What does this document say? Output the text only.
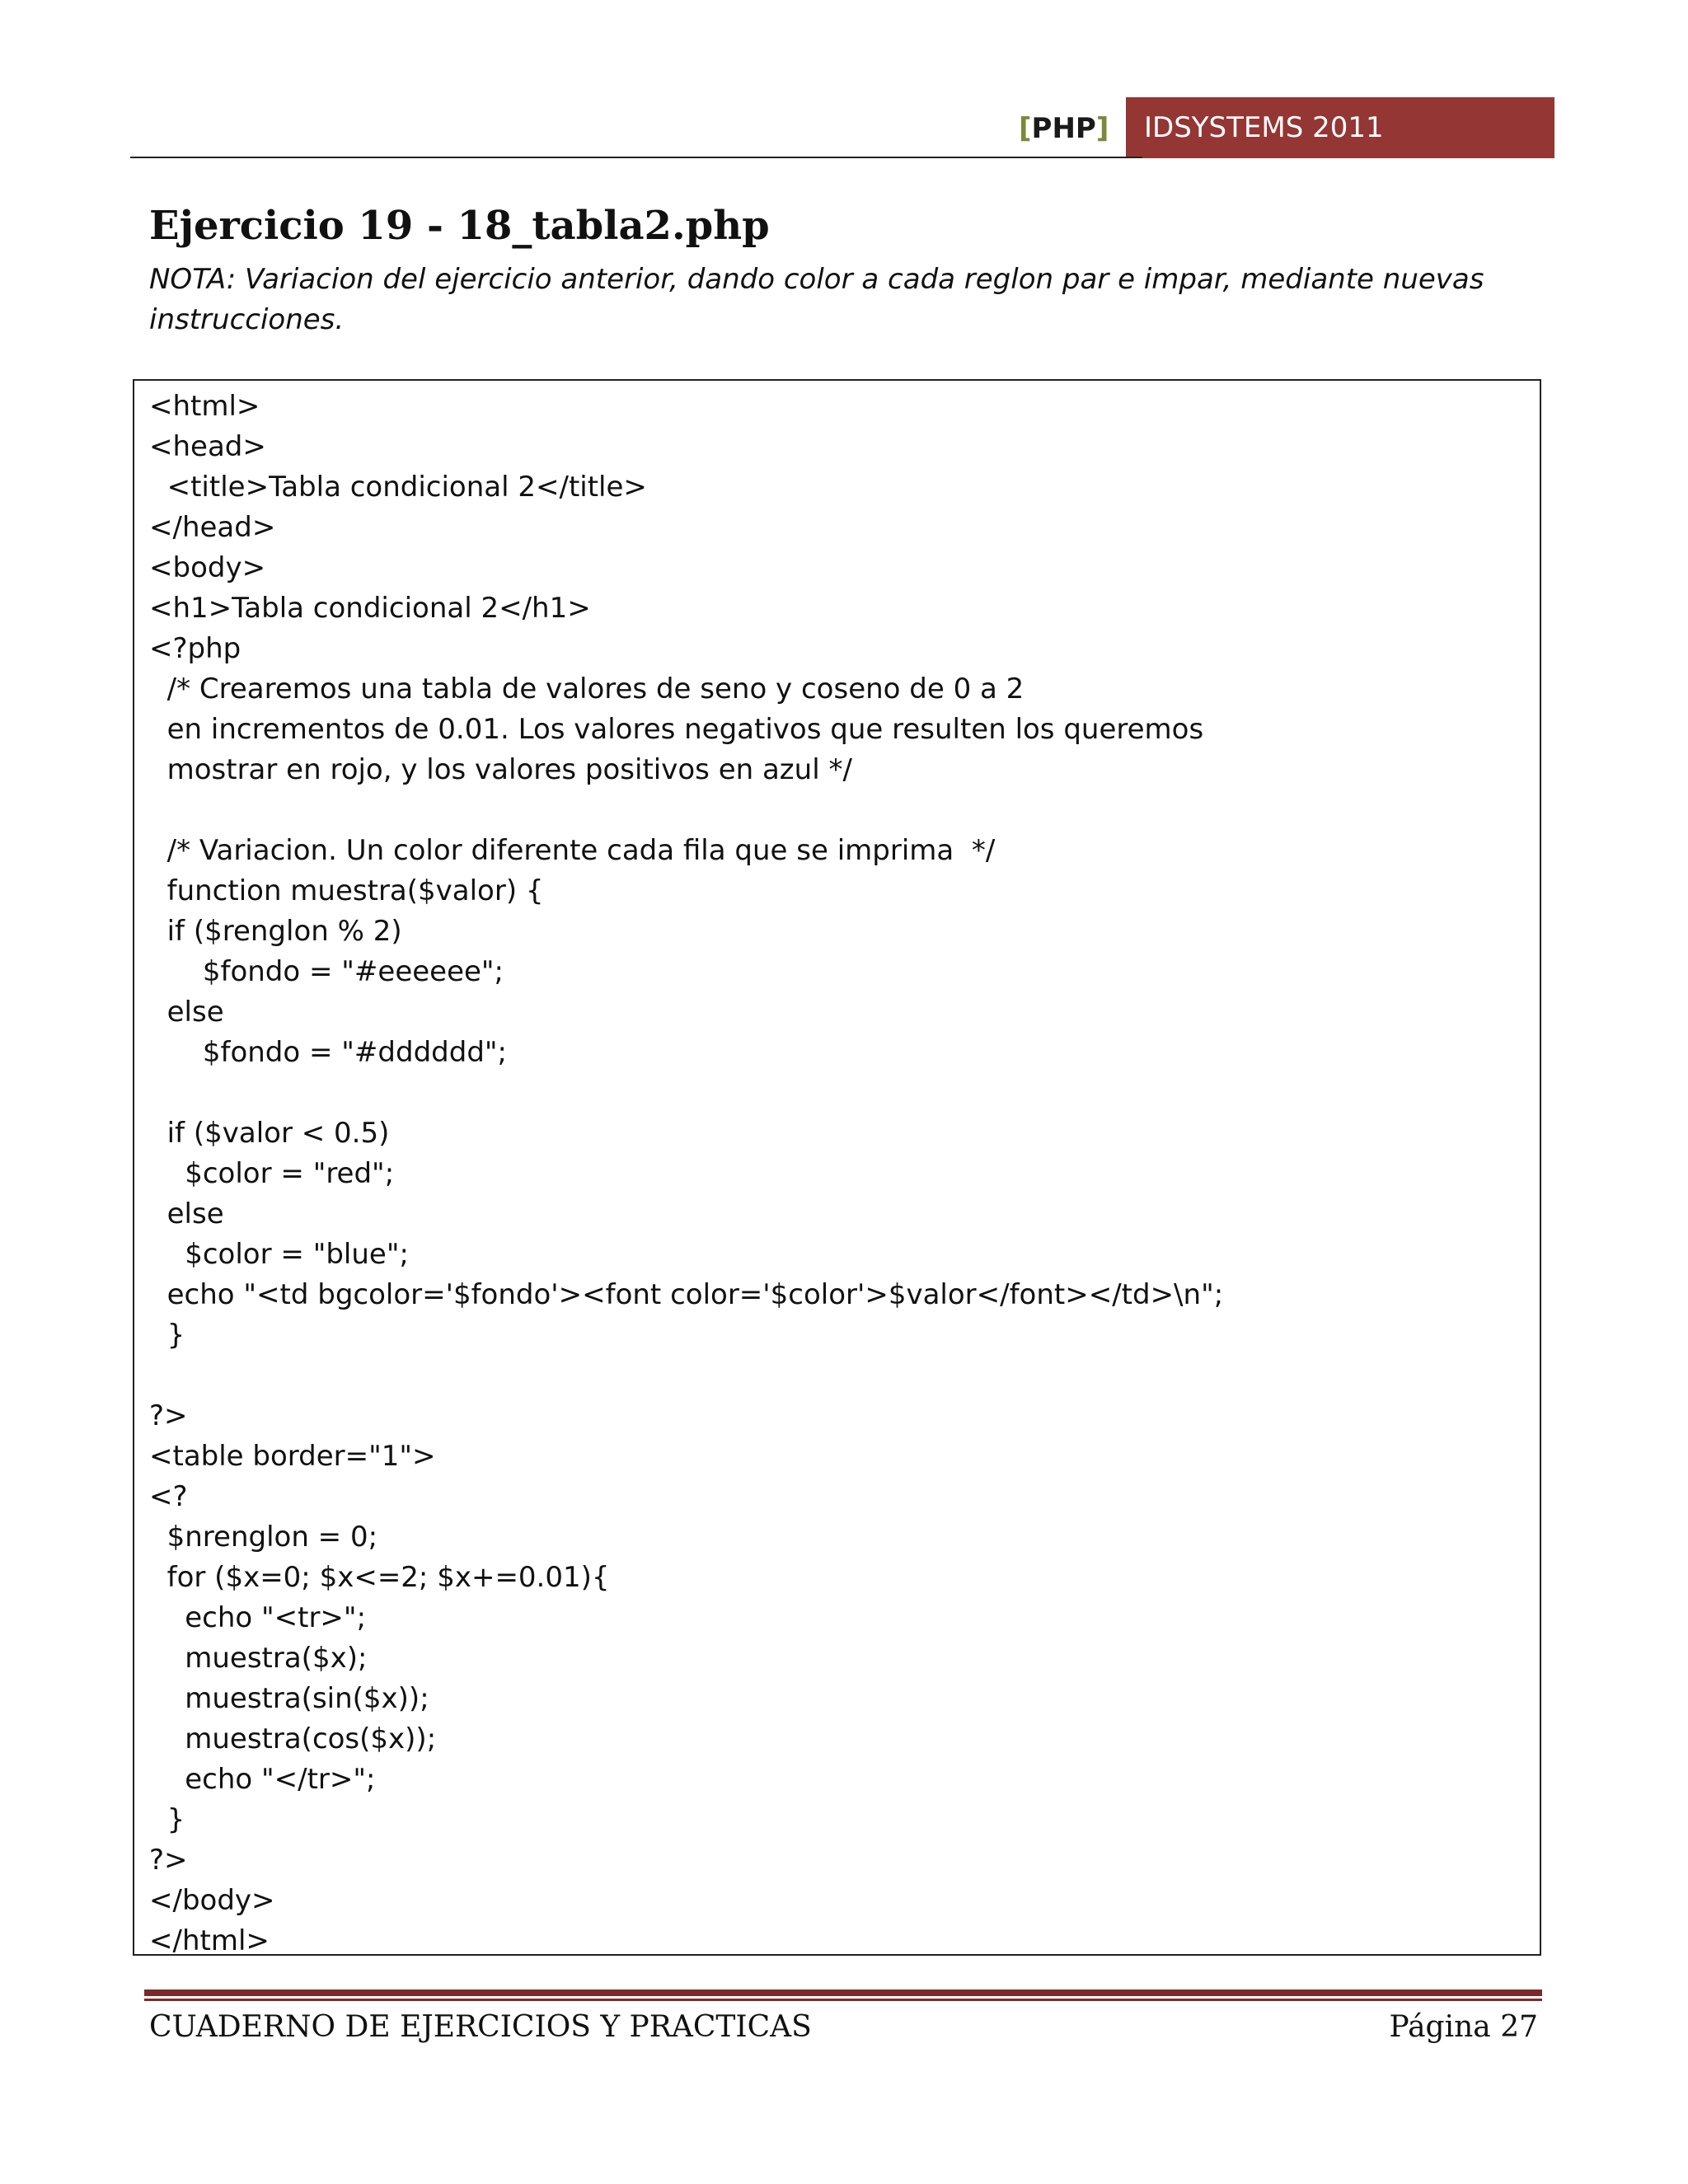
[PHP] IDSYSTEMS 2011
Ejercicio 19 - 18_tabla2.php
NOTA: Variacion del ejercicio anterior, dando color a cada reglon par e impar, mediante nuevas instrucciones.
<html>
<head>
<title>Tabla condicional 2</title>
</head>
<body>
<h1>Tabla condicional 2</h1>
<?php
/* Crearemos una tabla de valores de seno y coseno de 0 a 2
en incrementos de 0.01. Los valores negativos que resulten los queremos
mostrar en rojo, y los valores positivos en azul */
/* Variacion. Un color diferente cada fila que se imprima  */
function muestra($valor) {
if ($renglon % 2)
$fondo = "#eeeeee";
else
$fondo = "#dddddd";
if ($valor < 0.5)
$color = "red";
else
$color = "blue";
echo "<td bgcolor='$fondo'><font color='$color'>$valor</font></td>\n";
}
?>
<table border="1">
<?
$nrenglon = 0;
for ($x=0; $x<=2; $x+=0.01){
echo "<tr>";
muestra($x);
muestra(sin($x));
muestra(cos($x));
echo "</tr>";
}
?>
</body>
</html>
CUADERNO DE EJERCICIOS Y PRACTICAS	Página 27
